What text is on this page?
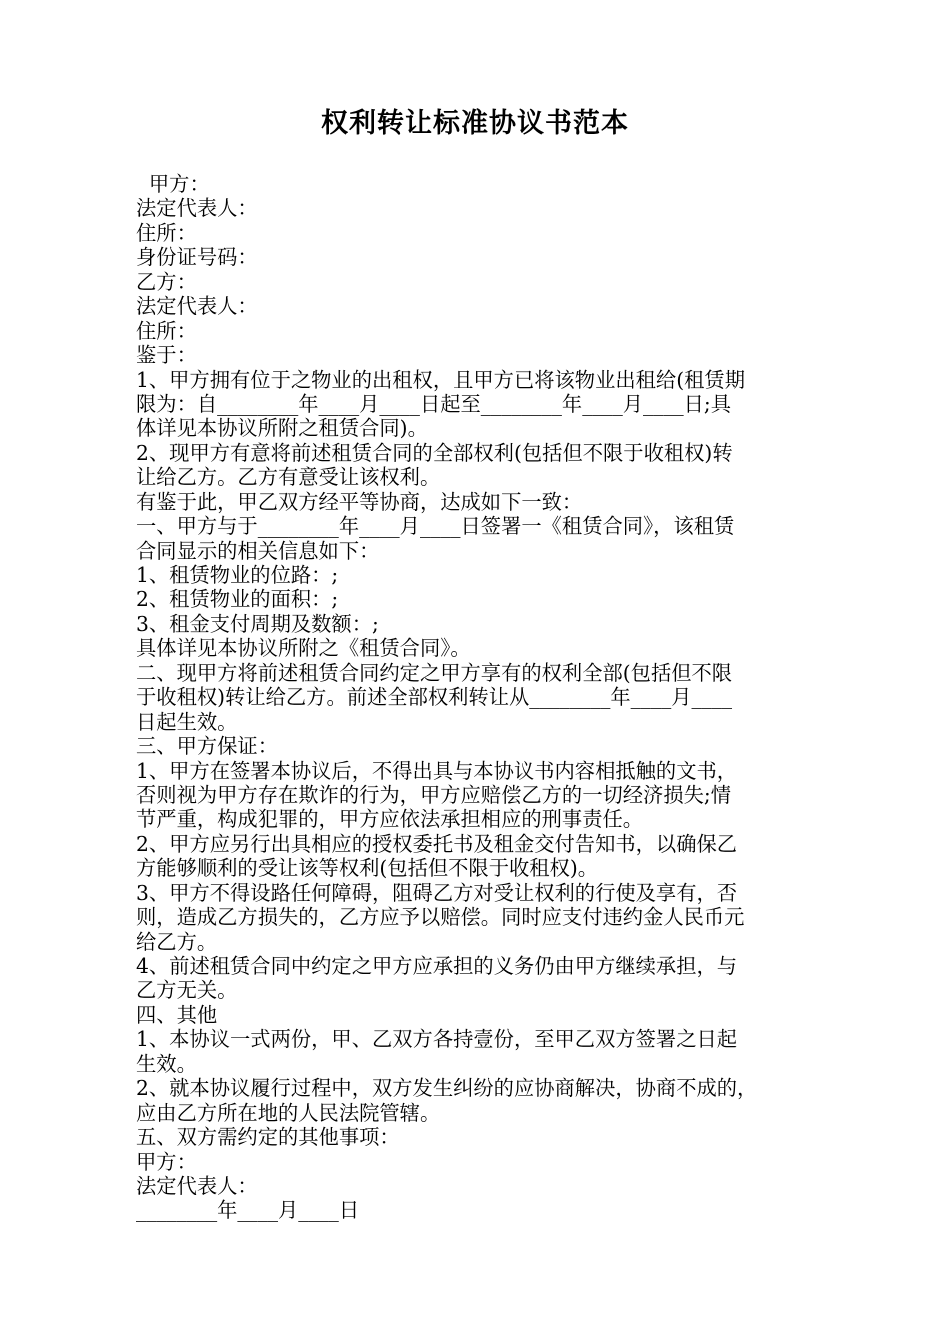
权利转让标准协议书范本
甲方：
法定代表人：
住所：
身份证号码：
乙方：
法定代表人：
住所：
鉴于：
1、甲方拥有位于之物业的出租权，且甲方已将该物业出租给(租赁期
限为：自________年____月____日起至________年____月____日;具
体详见本协议所附之租赁合同)。
2、现甲方有意将前述租赁合同的全部权利(包括但不限于收租权)转
让给乙方。乙方有意受让该权利。
有鉴于此，甲乙双方经平等协商，达成如下一致：
一、甲方与于________年____月____日签署一《租赁合同》，该租赁
合同显示的相关信息如下：
1、租赁物业的位路：;
2、租赁物业的面积：;
3、租金支付周期及数额：;
具体详见本协议所附之《租赁合同》。
二、现甲方将前述租赁合同约定之甲方享有的权利全部(包括但不限
于收租权)转让给乙方。前述全部权利转让从________年____月____
日起生效。
三、甲方保证：
1、甲方在签署本协议后，不得出具与本协议书内容相抵触的文书，
否则视为甲方存在欺诈的行为，甲方应赔偿乙方的一切经济损失;情
节严重，构成犯罪的，甲方应依法承担相应的刑事责任。
2、甲方应另行出具相应的授权委托书及租金交付告知书，以确保乙
方能够顺利的受让该等权利(包括但不限于收租权)。
3、甲方不得设路任何障碍，阻碍乙方对受让权利的行使及享有，否
则，造成乙方损失的，乙方应予以赔偿。同时应支付违约金人民币元
给乙方。
4、前述租赁合同中约定之甲方应承担的义务仍由甲方继续承担，与
乙方无关。
四、其他
1、本协议一式两份，甲、乙双方各持壹份，至甲乙双方签署之日起
生效。
2、就本协议履行过程中，双方发生纠纷的应协商解决，协商不成的，
应由乙方所在地的人民法院管辖。
五、双方需约定的其他事项：
甲方：
法定代表人：
________年____月____日
